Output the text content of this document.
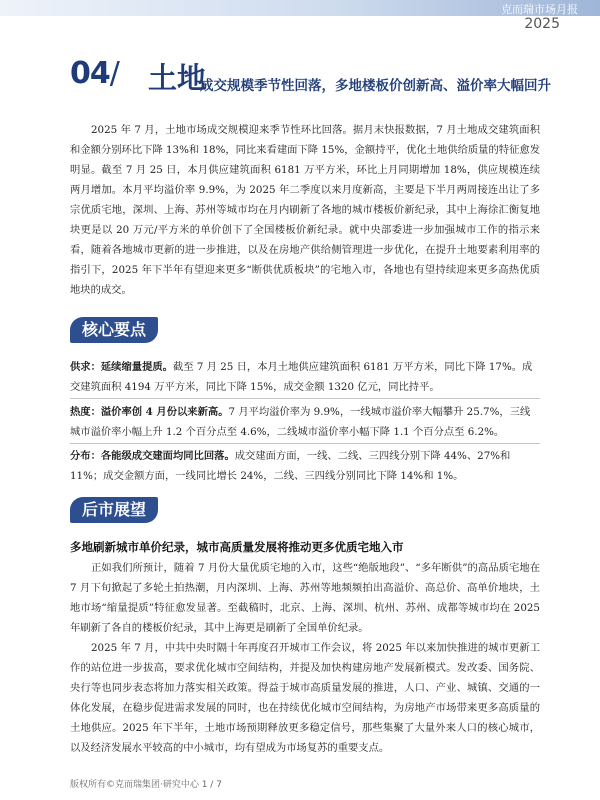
克而瑞市场月报
2025
04/ 土地
成交规模季节性回落，多地楼板价创新高、溢价率大幅回升

2025 年 7 月，土地市场成交规模迎来季节性环比回落。据月末快报数据，7 月土地成交建筑面积和金额分别环比下降 13%和 18%，同比来看建面下降 15%，金额持平，优化土地供给质量的特征愈发明显。截至 7 月 25 日，本月供应建筑面积 6181 万平方米，环比上月同期增加 18%，供应规模连续两月增加。本月平均溢价率 9.9%，为 2025 年二季度以来月度新高，主要是下半月两周接连出让了多宗优质宅地，深圳、上海、苏州等城市均在月内刷新了各地的城市楼板价新纪录，其中上海徐汇衡复地块更是以 20 万元/平方米的单价创下了全国楼板价新纪录。就中央部委进一步加强城市工作的指示来看，随着各地城市更新的进一步推进，以及在房地产供给侧管理进一步优化，在提升土地要素利用率的指引下，2025 年下半年有望迎来更多“断供优质板块”的宅地入市，各地也有望持续迎来更多高热优质地块的成交。

核心要点

供求：延续缩量提质。截至 7 月 25 日，本月土地供应建筑面积 6181 万平方米，同比下降 17%。成交建筑面积 4194 万平方米，同比下降 15%，成交金额 1320 亿元，同比持平。

热度：溢价率创 4 月份以来新高。7 月平均溢价率为 9.9%，一线城市溢价率大幅攀升 25.7%，三线城市溢价率小幅上升 1.2 个百分点至 4.6%，二线城市溢价率小幅下降 1.1 个百分点至 6.2%。

分布：各能级成交建面均同比回落。成交建面方面，一线、二线、三四线分别下降 44%、27%和 11%；成交金额方面，一线同比增长 24%，二线、三四线分别同比下降 14%和 1%。

后市展望
多地刷新城市单价纪录，城市高质量发展将推动更多优质宅地入市

正如我们所预计，随着 7 月份大量优质宅地的入市，这些“绝版地段”、“多年断供”的高品质宅地在 7 月下旬掀起了多轮土拍热潮，月内深圳、上海、苏州等地频频拍出高溢价、高总价、高单价地块，土地市场“缩量提质”特征愈发显著。至截稿时，北京、上海、深圳、杭州、苏州、成都等城市均在 2025 年刷新了各自的楼板价纪录，其中上海更是刷新了全国单价纪录。

2025 年 7 月，中共中央时隔十年再度召开城市工作会议，将 2025 年以来加快推进的城市更新工作的站位进一步拔高，要求优化城市空间结构，并提及加快构建房地产发展新模式。发改委、国务院、央行等也同步表态将加力落实相关政策。得益于城市高质量发展的推进，人口、产业、城镇、交通的一体化发展，在稳步促进需求发展的同时，也在持续优化城市空间结构，为房地产市场带来更多高质量的土地供应。2025 年下半年，土地市场预期释放更多稳定信号，那些集聚了大量外来人口的核心城市，以及经济发展水平较高的中小城市，均有望成为市场复苏的重要支点。

版权所有©克而瑞集团·研究中心 1 / 7
